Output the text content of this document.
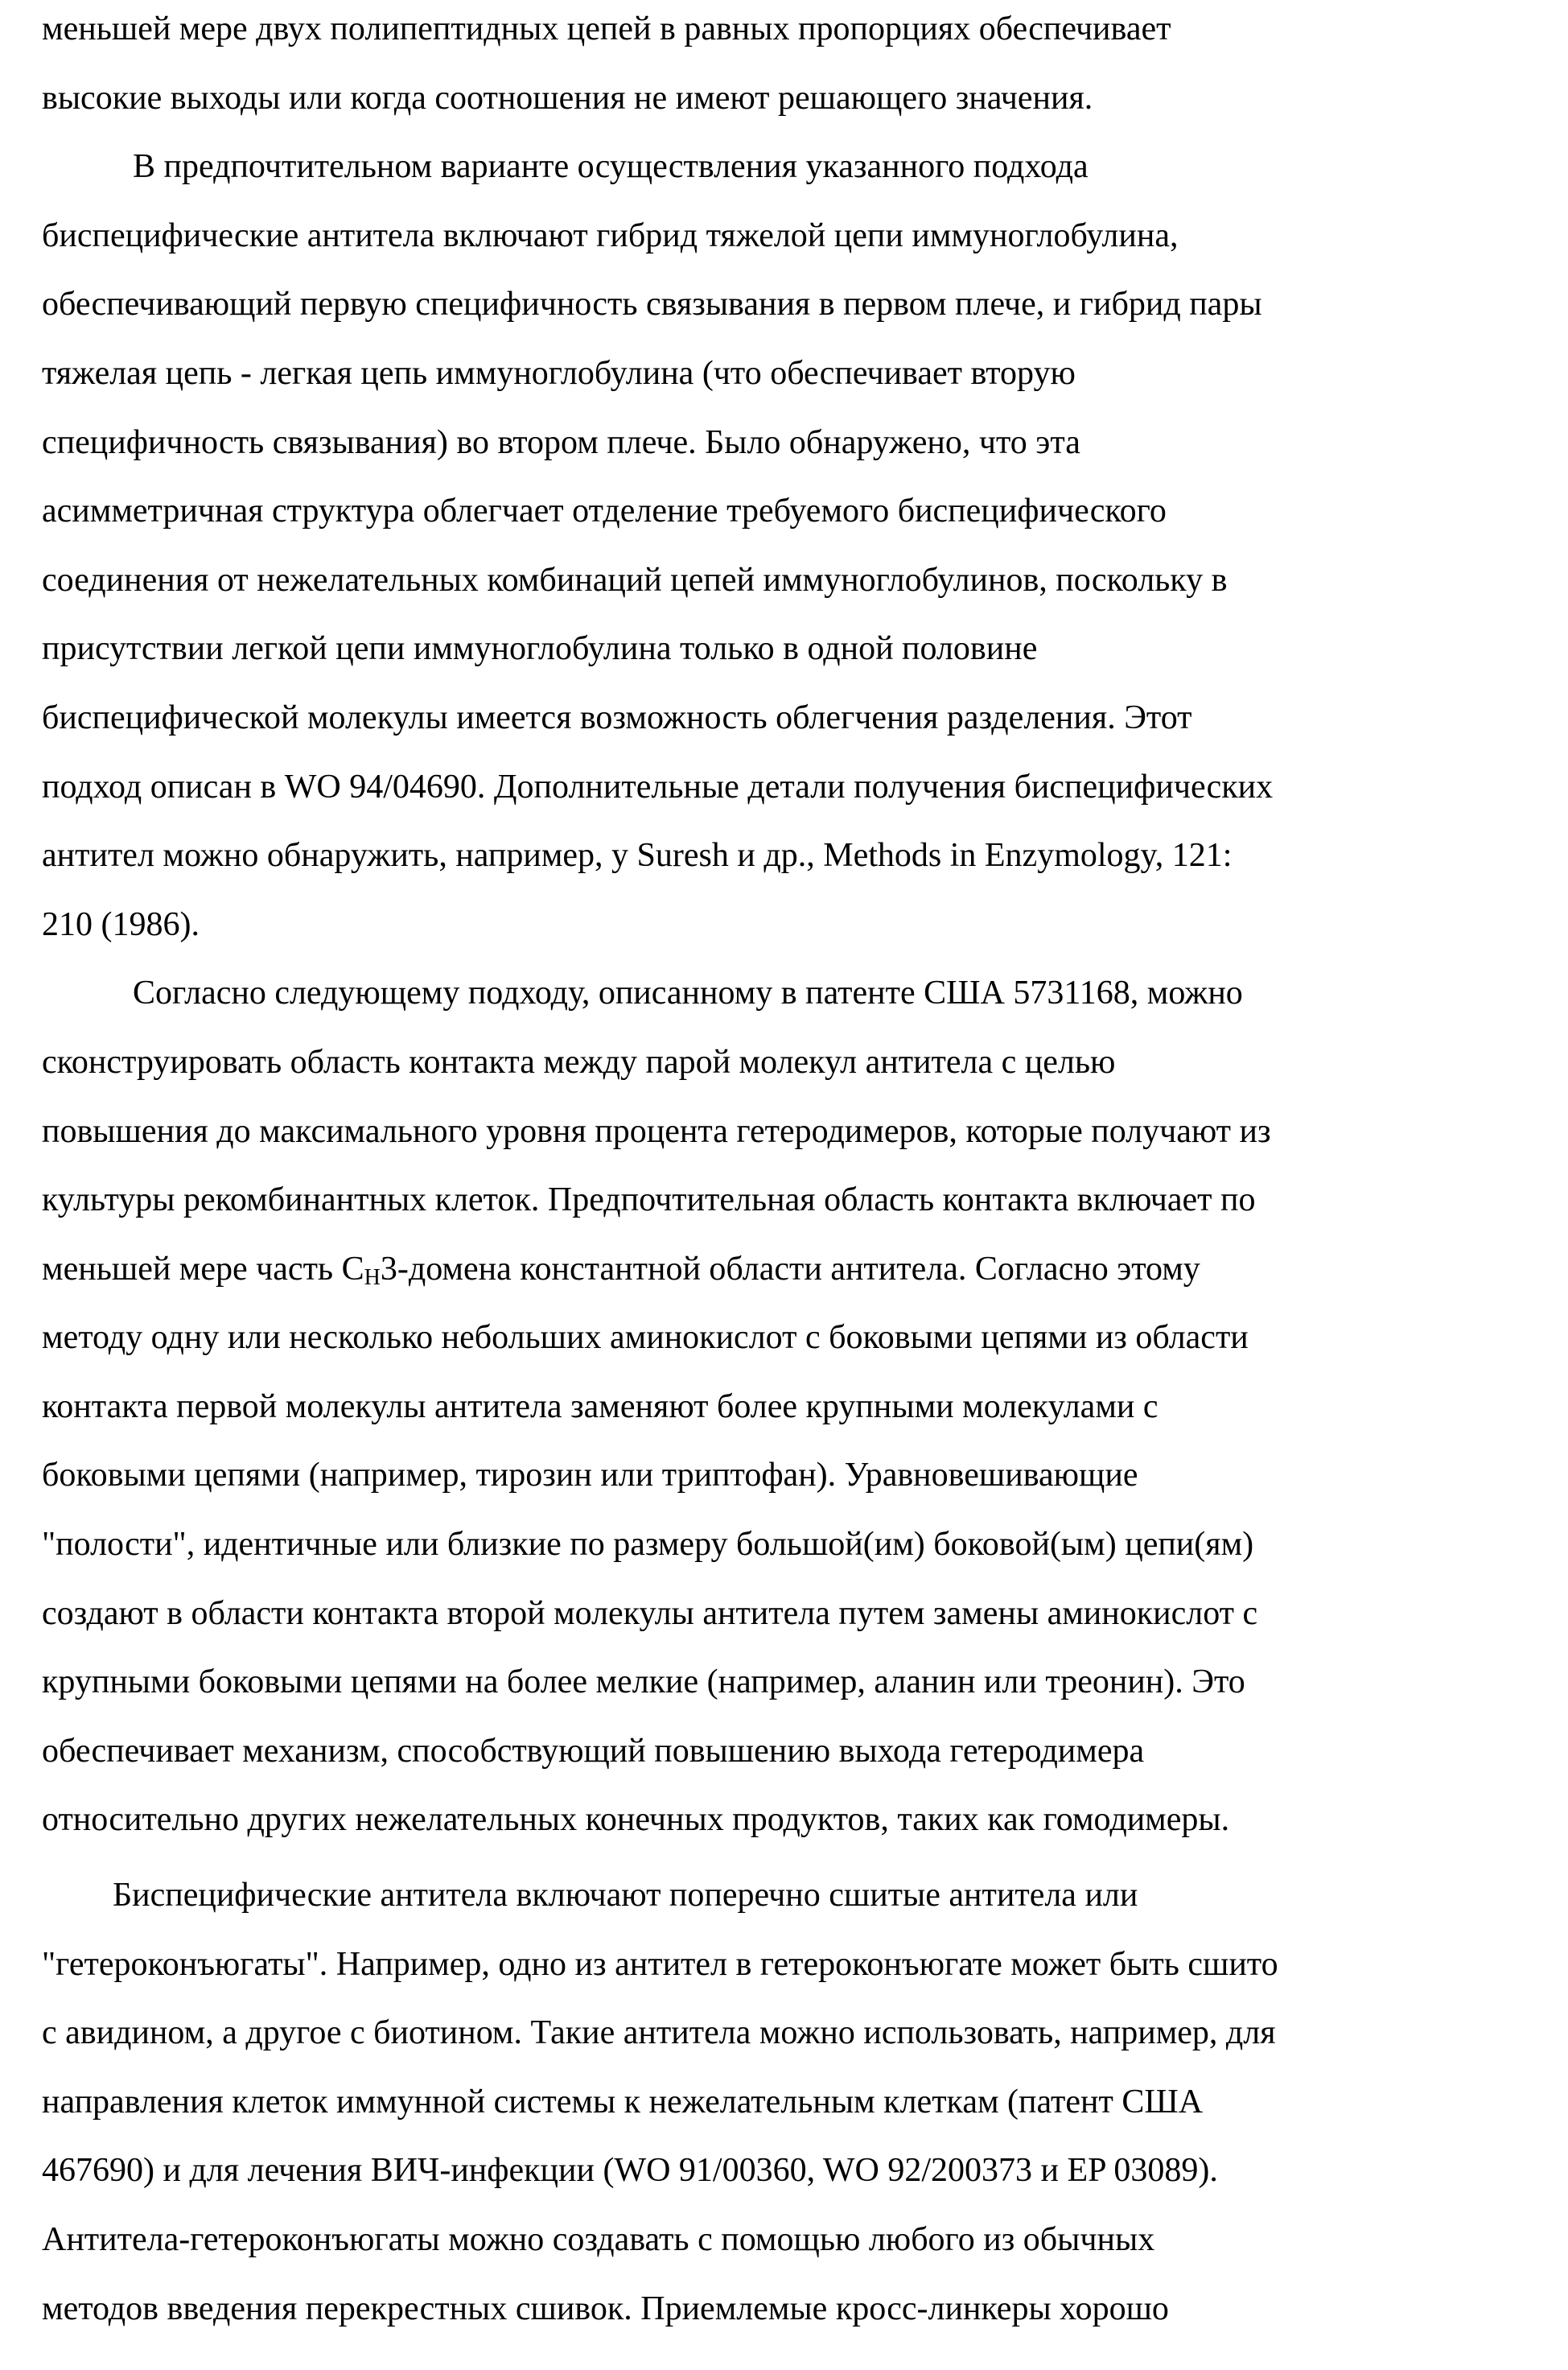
меньшей мере двух полипептидных цепей в равных пропорциях обеспечивает
высокие выходы или когда соотношения не имеют решающего значения.
В предпочтительном варианте осуществления указанного подхода
биспецифические антитела включают гибрид тяжелой цепи иммуноглобулина,
обеспечивающий первую специфичность связывания в первом плече, и гибрид пары
тяжелая цепь - легкая цепь иммуноглобулина (что обеспечивает вторую
специфичность связывания) во втором плече. Было обнаружено, что эта
асимметричная структура облегчает отделение требуемого биспецифического
соединения от нежелательных комбинаций цепей иммуноглобулинов, поскольку в
присутствии легкой цепи иммуноглобулина только в одной половине
биспецифической молекулы имеется возможность облегчения разделения. Этот
подход описан в WO 94/04690. Дополнительные детали получения биспецифических
антител можно обнаружить, например, у Suresh и др., Methods in Enzymology, 121:
210 (1986).
Согласно следующему подходу, описанному в патенте США 5731168, можно
сконструировать область контакта между парой молекул антитела с целью
повышения до максимального уровня процента гетеродимеров, которые получают из
культуры рекомбинантных клеток. Предпочтительная область контакта включает по
меньшей мере часть CH3-домена константной области антитела. Согласно этому
методу одну или несколько небольших аминокислот с боковыми цепями из области
контакта первой молекулы антитела заменяют более крупными молекулами с
боковыми цепями (например, тирозин или триптофан). Уравновешивающие
"полости", идентичные или близкие по размеру большой(им) боковой(ым) цепи(ям)
создают в области контакта второй молекулы антитела путем замены аминокислот с
крупными боковыми цепями на более мелкие (например, аланин или треонин). Это
обеспечивает механизм, способствующий повышению выхода гетеродимера
относительно других нежелательных конечных продуктов, таких как гомодимеры.
Биспецифические антитела включают поперечно сшитые антитела или
"гетероконъюгаты". Например, одно из антител в гетероконъюгате может быть сшито
с авидином, а другое с биотином. Такие антитела можно использовать, например, для
направления клеток иммунной системы к нежелательным клеткам (патент США
467690) и для лечения ВИЧ-инфекции (WO 91/00360, WO 92/200373 и EP 03089).
Антитела-гетероконъюгаты можно создавать с помощью любого из обычных
методов введения перекрестных сшивок. Приемлемые кросс-линкеры хорошо
